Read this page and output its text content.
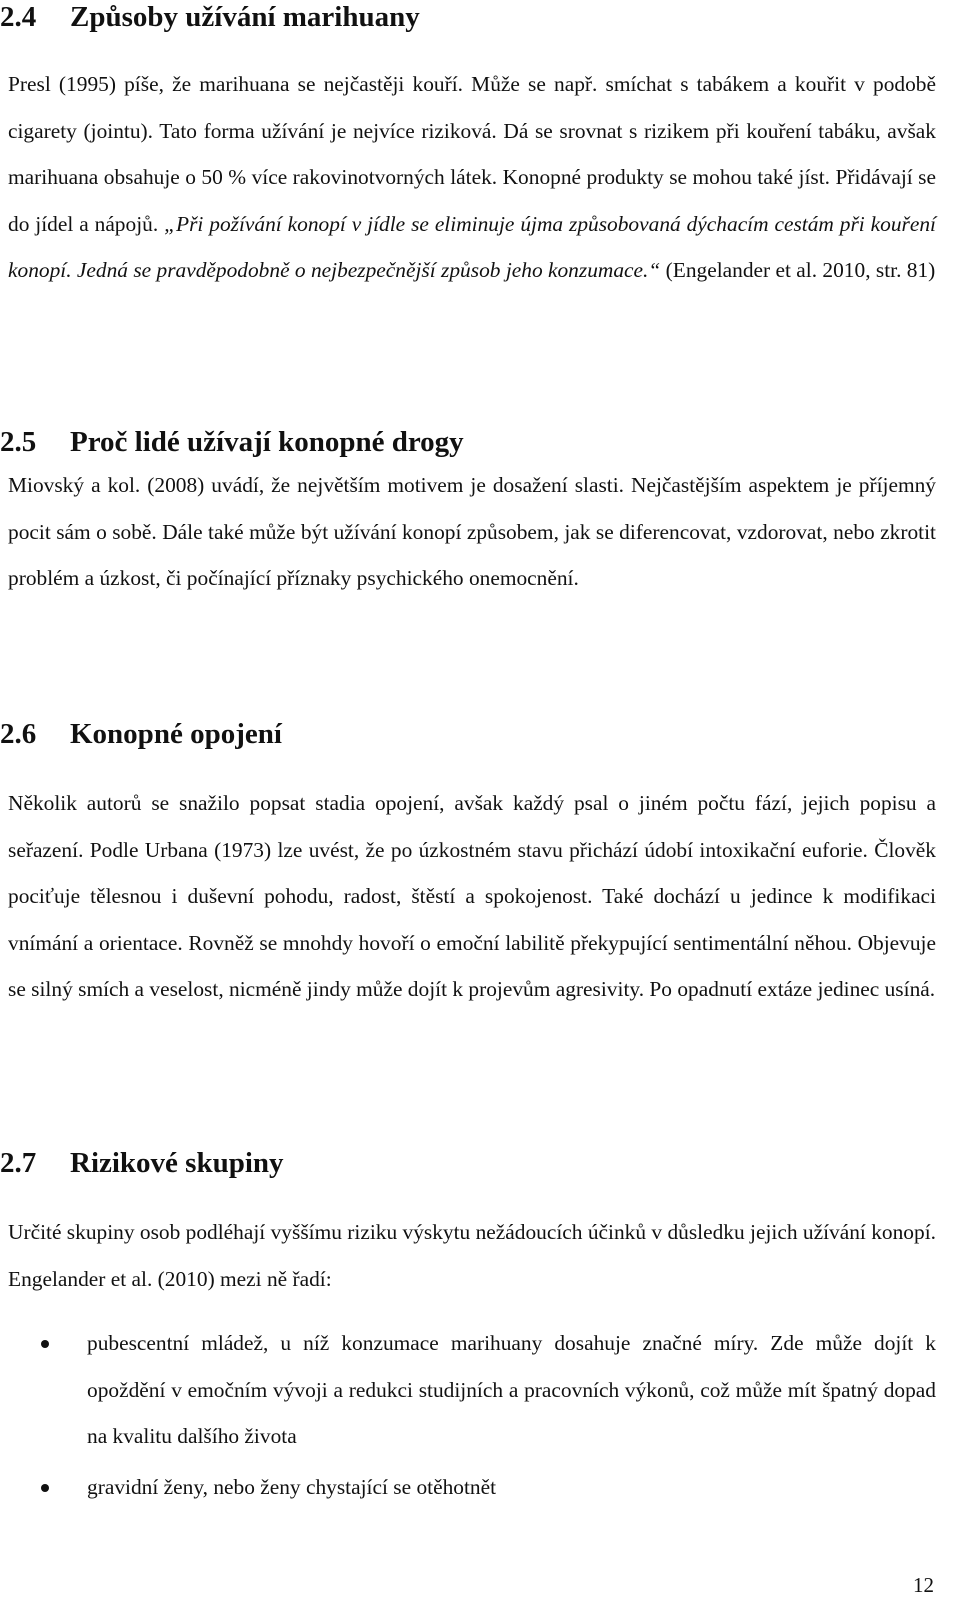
2.4 Způsoby užívání marihuany

Presl (1995) píše, že marihuana se nejčastěji kouří. Může se např. smíchat s tabákem a kouřit v podobě cigarety (jointu). Tato forma užívání je nejvíce riziková. Dá se srovnat s rizikem při kouření tabáku, avšak marihuana obsahuje o 50 % více rakovinotvorných látek. Konopné produkty se mohou také jíst. Přidávají se do jídel a nápojů. „Při požívání konopí v jídle se eliminuje újma způsobovaná dýchacím cestám při kouření konopí. Jedná se pravděpodobně o nejbezpečnější způsob jeho konzumace.“ (Engelander et al. 2010, str. 81)

2.5 Proč lidé užívají konopné drogy

Miovský a kol. (2008) uvádí, že největším motivem je dosažení slasti. Nejčastějším aspektem je příjemný pocit sám o sobě. Dále také může být užívání konopí způsobem, jak se diferencovat, vzdorovat, nebo zkrotit problém a úzkost, či počínající příznaky psychického onemocnění.

2.6 Konopné opojení

Několik autorů se snažilo popsat stadia opojení, avšak každý psal o jiném počtu fází, jejich popisu a seřazení. Podle Urbana (1973) lze uvést, že po úzkostném stavu přichází údobí intoxikační euforie. Člověk pociťuje tělesnou i duševní pohodu, radost, štěstí a spokojenost. Také dochází u jedince k modifikaci vnímání a orientace. Rovněž se mnohdy hovoří o emoční labilitě překypující sentimentální něhou. Objevuje se silný smích a veselost, nicméně jindy může dojít k projevům agresivity. Po opadnutí extáze jedinec usíná.

2.7 Rizikové skupiny

Určité skupiny osob podléhají vyššímu riziku výskytu nežádoucích účinků v důsledku jejich užívání konopí. Engelander et al. (2010) mezi ně řadí:

pubescentní mládež, u níž konzumace marihuany dosahuje značné míry. Zde může dojít k opoždění v emočním vývoji a redukci studijních a pracovních výkonů, což může mít špatný dopad na kvalitu dalšího života
gravidní ženy, nebo ženy chystající se otěhotnět
12
